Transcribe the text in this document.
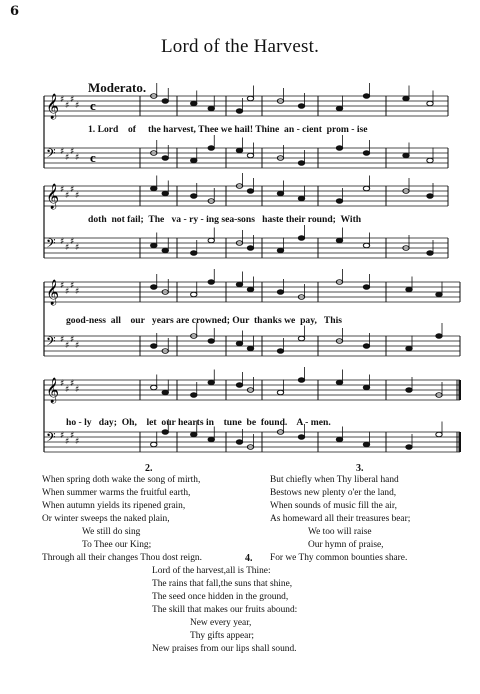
6
Lord of the Harvest.
Moderato.
𝄞 ♯
♯
♯
♯
𝄢 ♯
♯
♯
♯
𝄞 ♯
♯
♯
♯
𝄢 ♯
♯
♯
♯
𝄞 ♯
♯
♯
♯
𝄢 ♯
♯
♯
♯
𝄞 ♯
♯
♯
♯
𝄢 ♯
♯
♯
♯
c
c
1. Lord    of     the harvest, Thee we hail! Thine  an - cient  prom - ise
doth  not fail;  The   va - ry - ing sea-sons   haste their round;  With
good-ness  all    our   years are crowned; Our  thanks we  pay,   This
ho - ly   day;  Oh,    let  our hearts in    tune  be  found.    A - men.
2.
When spring doth wake the song of mirth,
When summer warms the fruitful earth,
When autumn yields its ripened grain,
Or winter sweeps the naked plain,
We still do sing
To Thee our King;
Through all their changes Thou dost reign.
3.
But chiefly when Thy liberal hand
Bestows new plenty o'er the land,
When sounds of music fill the air,
As homeward all their treasures bear;
We too will raise
Our hymn of praise,
For we Thy common bounties share.
4.
Lord of the harvest,all is Thine:
The rains that fall,the suns that shine,
The seed once hidden in the ground,
The skill that makes our fruits abound:
New every year,
Thy gifts appear;
New praises from our lips shall sound.
